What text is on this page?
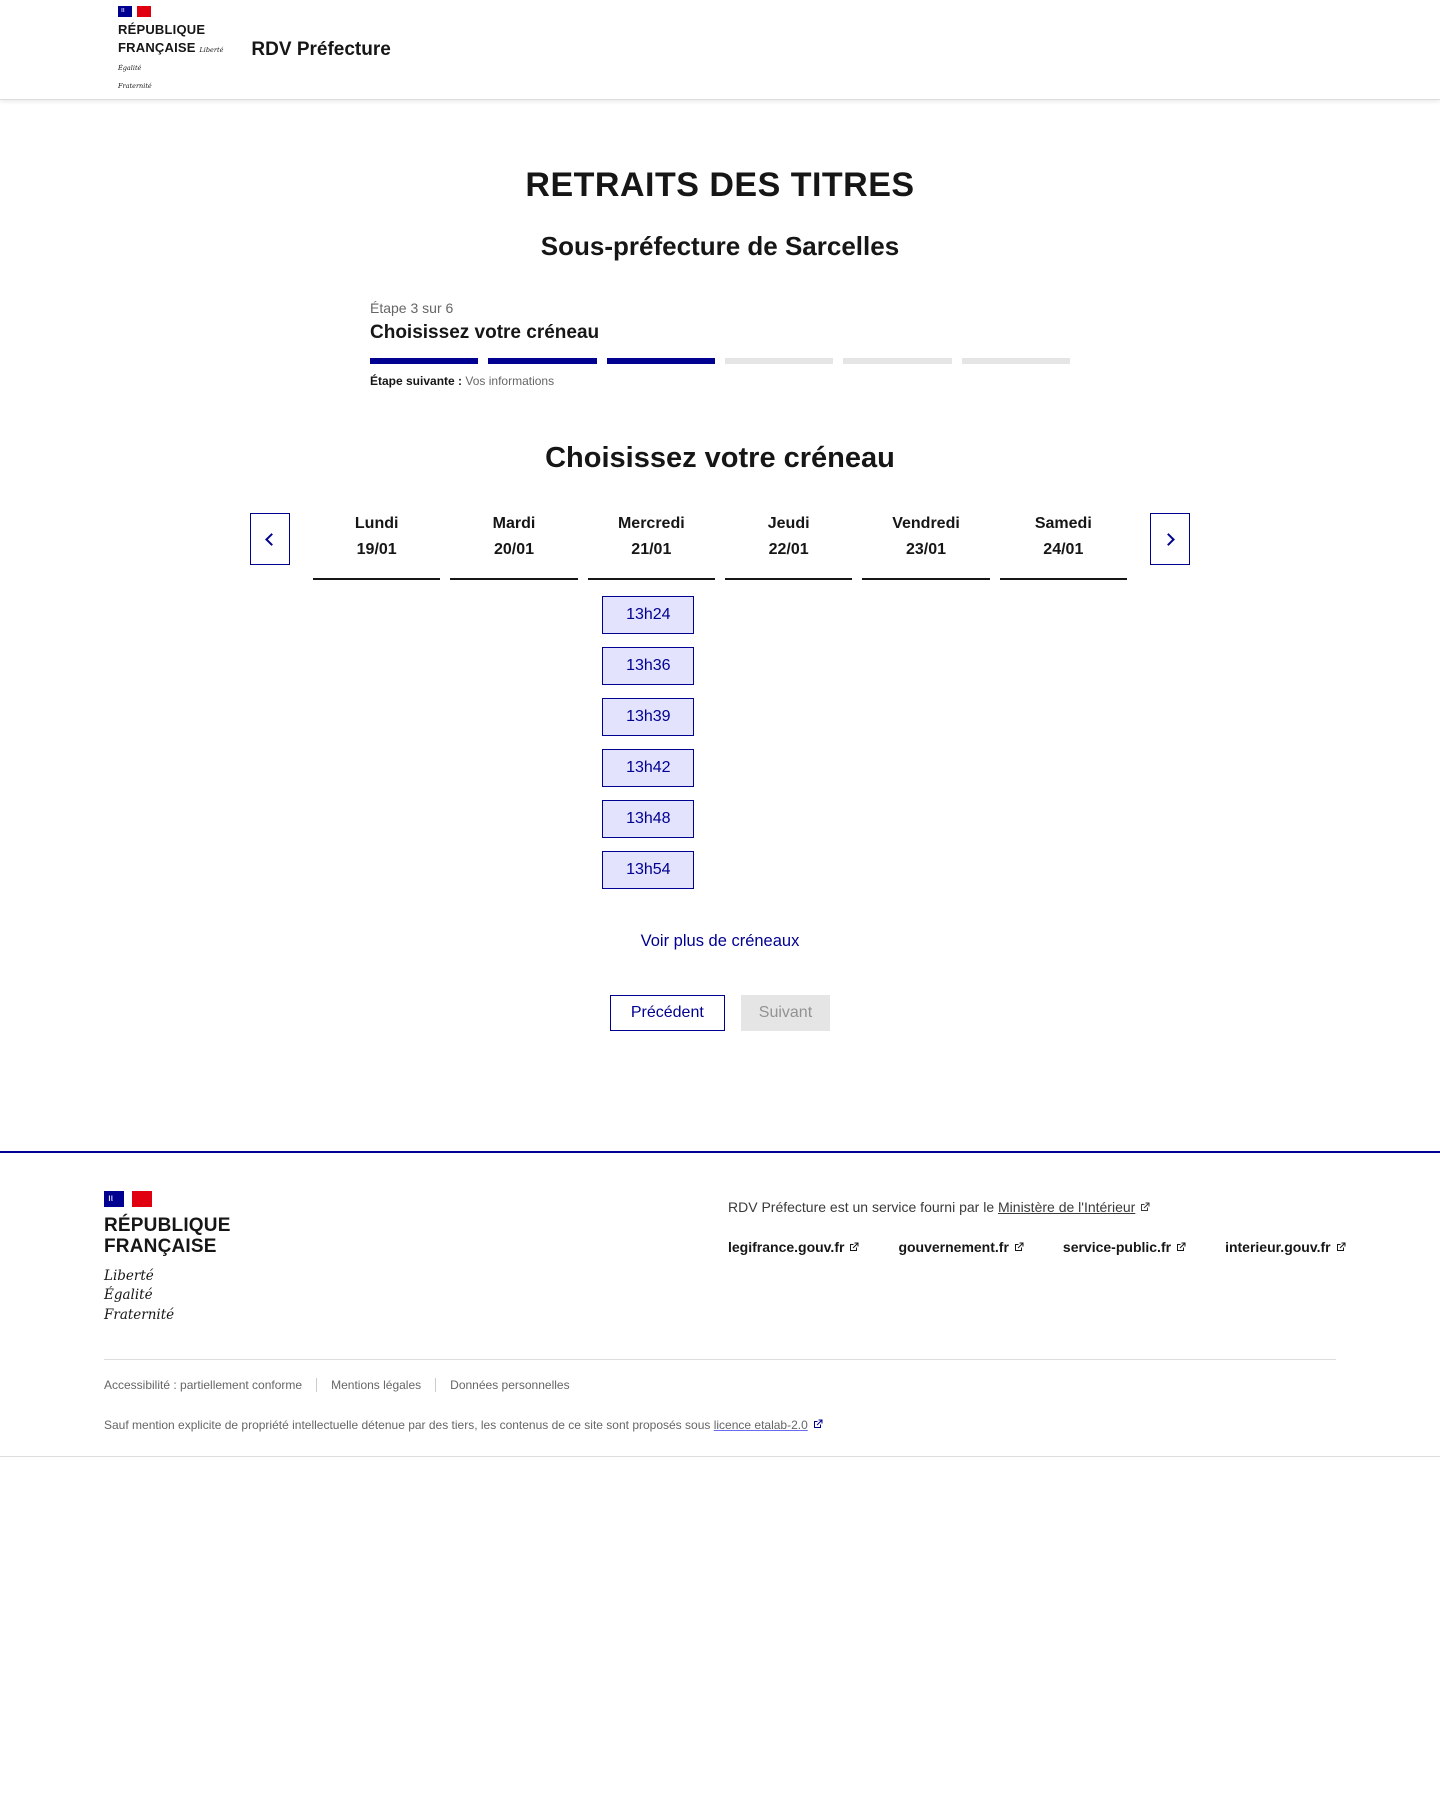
ıι
RÉPUBLIQUE
FRANÇAISE Liberté
Égalité
Fraternité
RDV Préfecture
RETRAITS DES TITRES
Sous-préfecture de Sarcelles
Étape 3 sur 6
Choisissez votre créneau
Étape suivante : Vos informations
Choisissez votre créneau
Lundi
19/01
Mardi
20/01
Mercredi
21/01
Jeudi
22/01
Vendredi
23/01
Samedi
24/01
13h24
13h36
13h39
13h42
13h48
13h54
Voir plus de créneaux
Précédent	Suivant
ıι
RÉPUBLIQUE
FRANÇAISE
Liberté
Égalité
Fraternité

RDV Préfecture est un service fourni par le Ministère de l'Intérieur

legifrance.gouv.fr	gouvernement.fr	service-public.fr	interieur.gouv.fr
Accessibilité : partiellement conforme	Mentions légales	Données personnelles

Sauf mention explicite de propriété intellectuelle détenue par des tiers, les contenus de ce site sont proposés sous licence etalab-2.0
